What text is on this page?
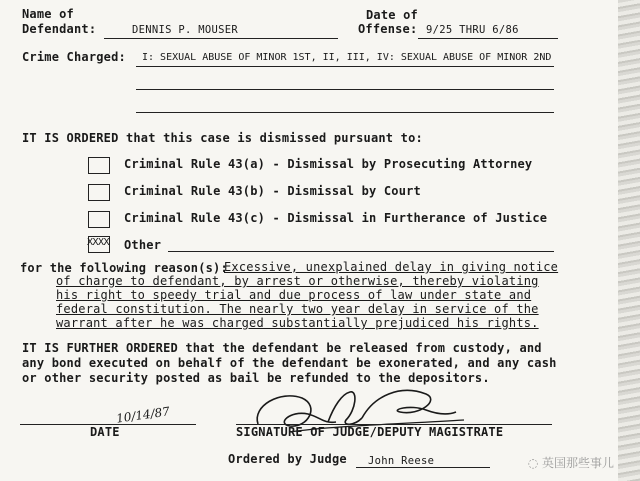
Name of
Defendant:	DENNIS P. MOUSER
Date of
Offense: 9/25 THRU 6/86
Crime Charged: I: SEXUAL ABUSE OF MINOR 1ST, II, III, IV: SEXUAL ABUSE OF MINOR 2ND
IT IS ORDERED that this case is dismissed pursuant to:
Criminal Rule 43(a) - Dismissal by Prosecuting Attorney
Criminal Rule 43(b) - Dismissal by Court
Criminal Rule 43(c) - Dismissal in Furtherance of Justice
XXXX Other
for the following reason(s):
Excessive, unexplained delay in giving notice
of charge to defendant, by arrest or otherwise, thereby violating
his right to speedy trial and due process of law under state and
federal constitution. The nearly two year delay in service of the
warrant after he was charged substantially prejudiced his rights.
IT IS FURTHER ORDERED that the defendant be released from custody, and
any bond executed on behalf of the defendant be exonerated, and any cash
or other security posted as bail be refunded to the depositors.
10/14/87
DATE	SIGNATURE OF JUDGE/DEPUTY MAGISTRATE
Ordered by Judge John Reese	◌ 英国那些事儿
